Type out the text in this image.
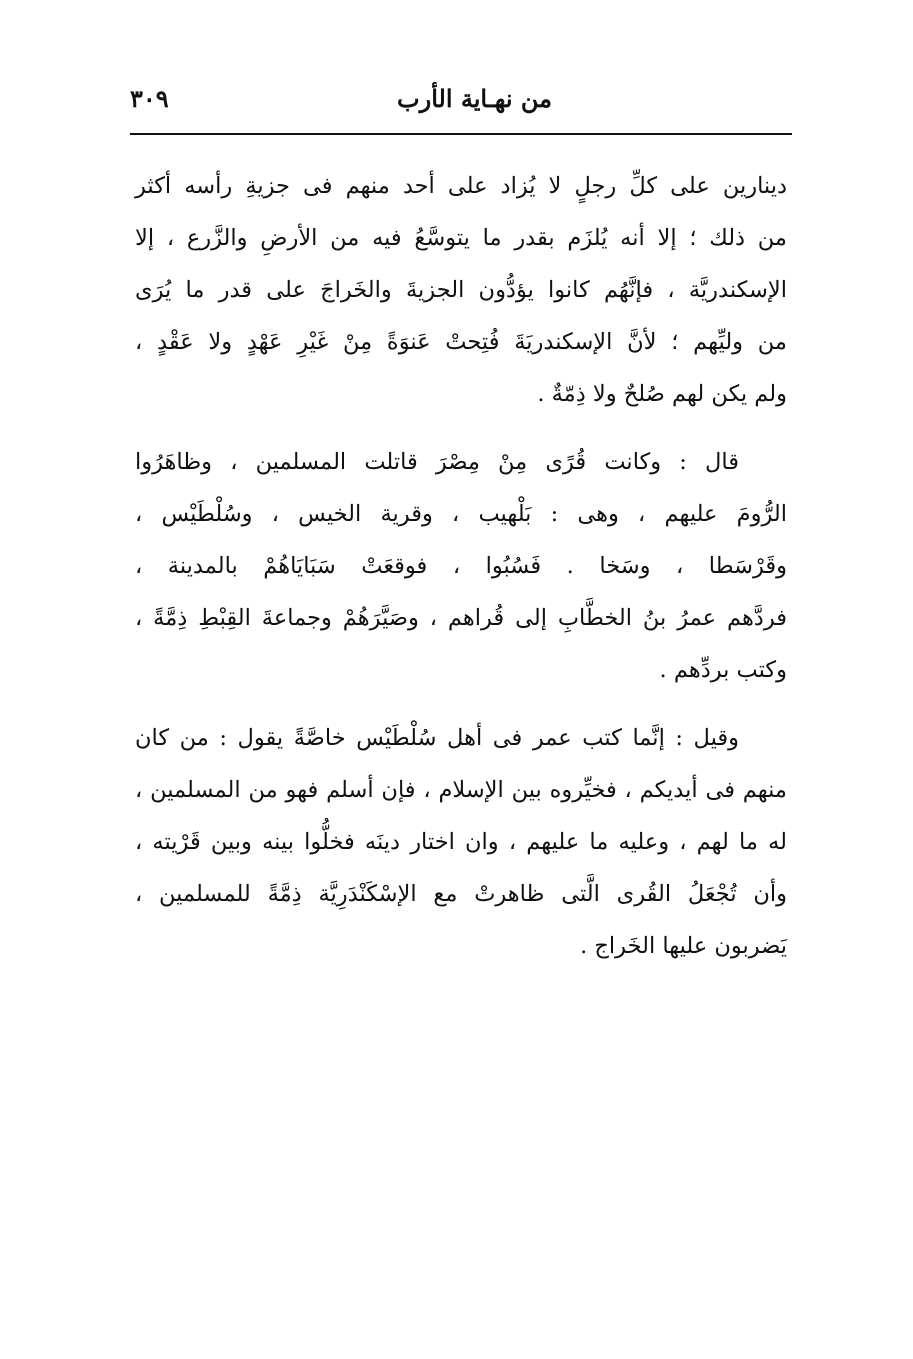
من نهـاية الأرب
٣٠٩

دينارين على كلِّ رجلٍ لا يُزاد على أحد منهم فى جزيةِ رأسه أكثر
من ذلك ؛ إلا أنه يُلزَم بقدر ما يتوسَّعُ فيه من الأرضِ والزَّرع ، إلا
الإسكندريَّة ، فإنَّهُم كانوا يؤدُّون الجزيةَ والخَراجَ على قدر ما يُرَى
من وليِّهم ؛ لأنَّ الإسكندريَةَ فُتِحتْ عَنوَةً مِنْ غَيْرِ عَهْدٍ ولا عَقْدٍ ،
ولم يكن لهم صُلحٌ ولا ذِمّةٌ .

قال : وكانت قُرًى مِنْ مِصْرَ قاتلت المسلمين ، وظاهَرُوا
الرُّومَ عليهم ، وهى : بَلْهيب ، وقرية الخيس ، وسُلْطَيْس ،
وقَرْسَطا ، وسَخا . فَسُبُوا ، فوقعَتْ سَبَايَاهُمْ بالمدينة ،
فردَّهم عمرُ بنُ الخطَّابِ إلى قُراهم ، وصَيَّرَهُمْ وجماعةَ القِبْطِ ذِمَّةً ،
وكتب بردِّهم .

وقيل : إنَّما كتب عمر فى أهل سُلْطَيْس خاصَّةً يقول : من كان
منهم فى أيديكم ، فخيِّروه بين الإسلام ، فإن أسلم فهو من المسلمين ،
له ما لهم ، وعليه ما عليهم ، وان اختار دينَه فخلُّوا بينه وبين قَرْيته ،
وأن تُجْعَلُ القُرى الَّتى ظاهرتْ مع الإسْكَنْدَرِيَّة ذِمَّةً للمسلمين ،
يَضربون عليها الخَراج .
